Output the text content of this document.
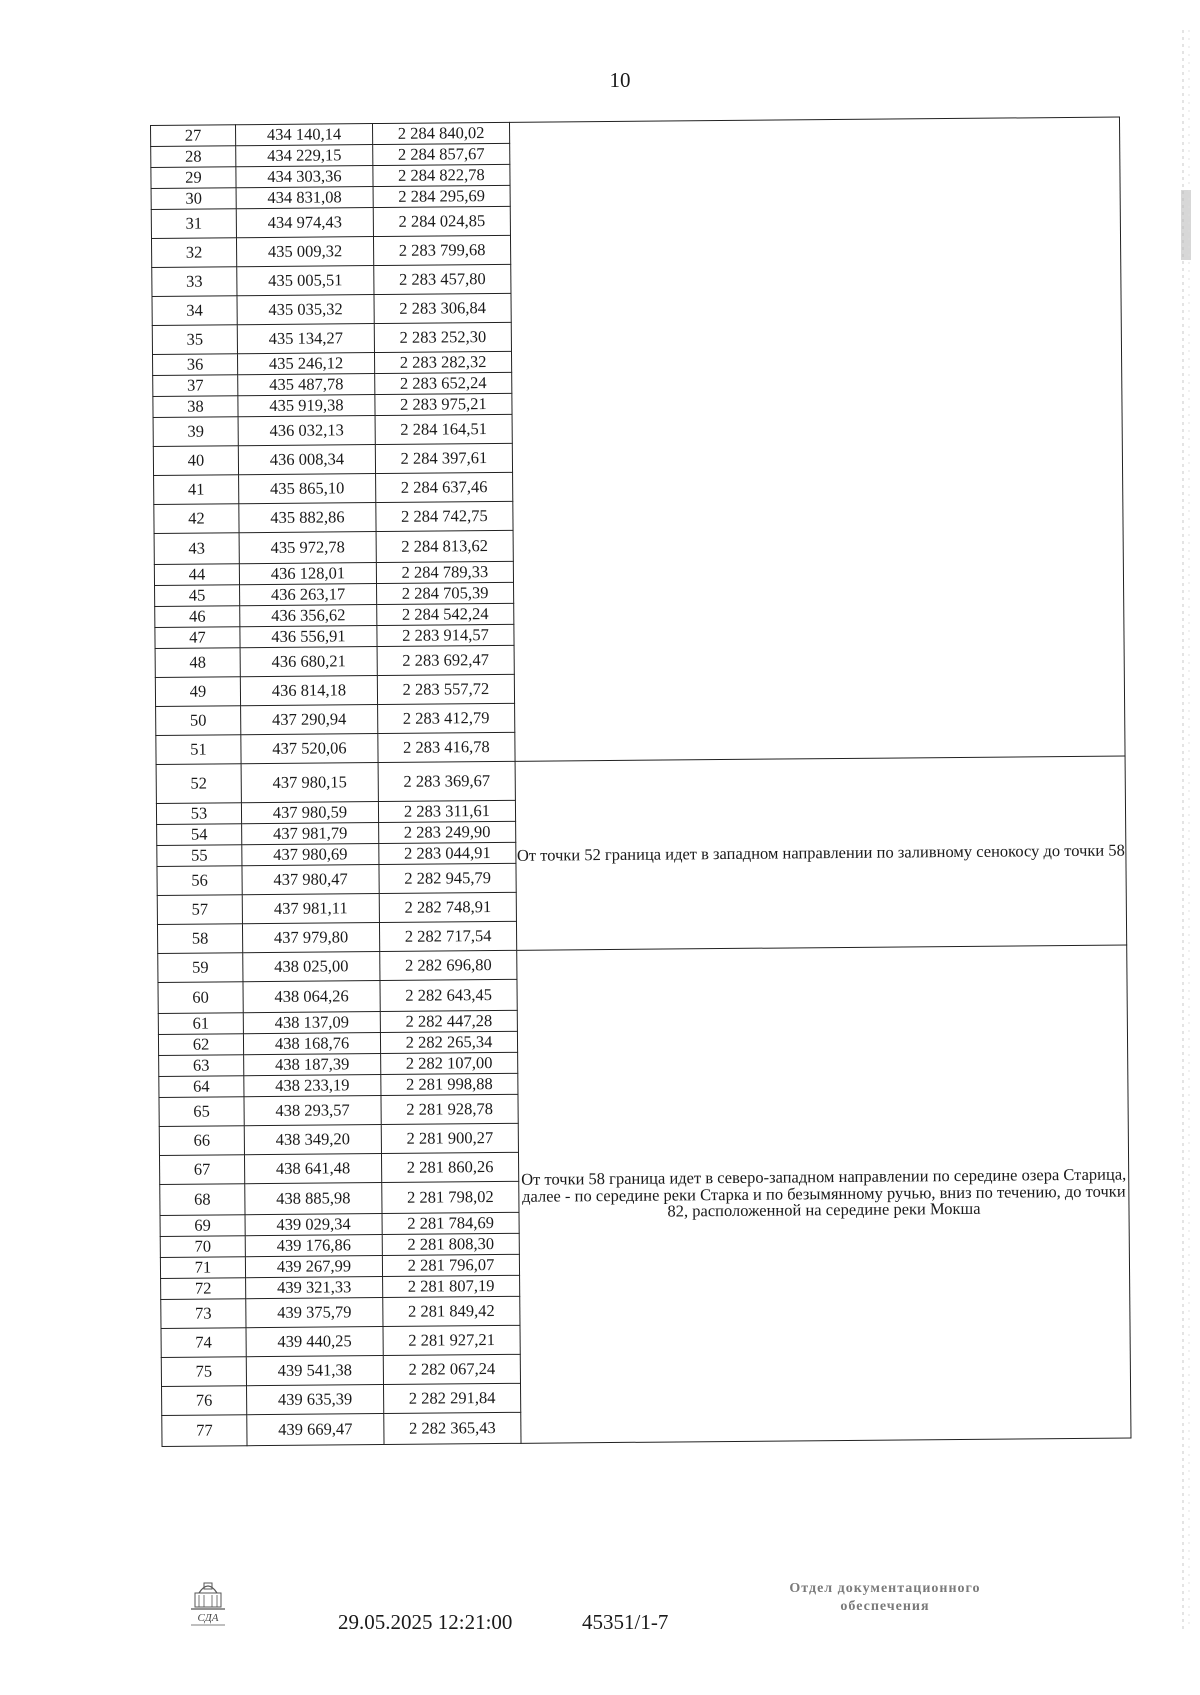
10
27	434 140,14	2 284 840,02	
28	434 229,15	2 284 857,67	
29	434 303,36	2 284 822,78	
30	434 831,08	2 284 295,69	
31	434 974,43	2 284 024,85	
32	435 009,32	2 283 799,68	
33	435 005,51	2 283 457,80	
34	435 035,32	2 283 306,84	
35	435 134,27	2 283 252,30	
36	435 246,12	2 283 282,32	
37	435 487,78	2 283 652,24	
38	435 919,38	2 283 975,21	
39	436 032,13	2 284 164,51	
40	436 008,34	2 284 397,61	
41	435 865,10	2 284 637,46	
42	435 882,86	2 284 742,75	
43	435 972,78	2 284 813,62	
44	436 128,01	2 284 789,33	
45	436 263,17	2 284 705,39	
46	436 356,62	2 284 542,24	
47	436 556,91	2 283 914,57	
48	436 680,21	2 283 692,47	
49	436 814,18	2 283 557,72	
50	437 290,94	2 283 412,79	
51	437 520,06	2 283 416,78	
52	437 980,15	2 283 369,67	От точки 52 граница идет в западном направлении по заливному сенокосу до точки 58
53	437 980,59	2 283 311,61	
54	437 981,79	2 283 249,90	
55	437 980,69	2 283 044,91	
56	437 980,47	2 282 945,79	
57	437 981,11	2 282 748,91	
58	437 979,80	2 282 717,54	
59	438 025,00	2 282 696,80	От точки 58 граница идет в северо-западном направлении по середине озера Старица, далее - по середине реки Старка и по безымянному ручью, вниз по течению, до точки 82, расположенной на середине реки Мокша
60	438 064,26	2 282 643,45	
61	438 137,09	2 282 447,28	
62	438 168,76	2 282 265,34	
63	438 187,39	2 282 107,00	
64	438 233,19	2 281 998,88	
65	438 293,57	2 281 928,78	
66	438 349,20	2 281 900,27	
67	438 641,48	2 281 860,26	
68	438 885,98	2 281 798,02	
69	439 029,34	2 281 784,69	
70	439 176,86	2 281 808,30	
71	439 267,99	2 281 796,07	
72	439 321,33	2 281 807,19	
73	439 375,79	2 281 849,42	
74	439 440,25	2 281 927,21	
75	439 541,38	2 282 067,24	
76	439 635,39	2 282 291,84	
77	439 669,47	2 282 365,43	
СДА	29.05.2025 12:21:00	45351/1-7
Отдел документационного
обеспечения
